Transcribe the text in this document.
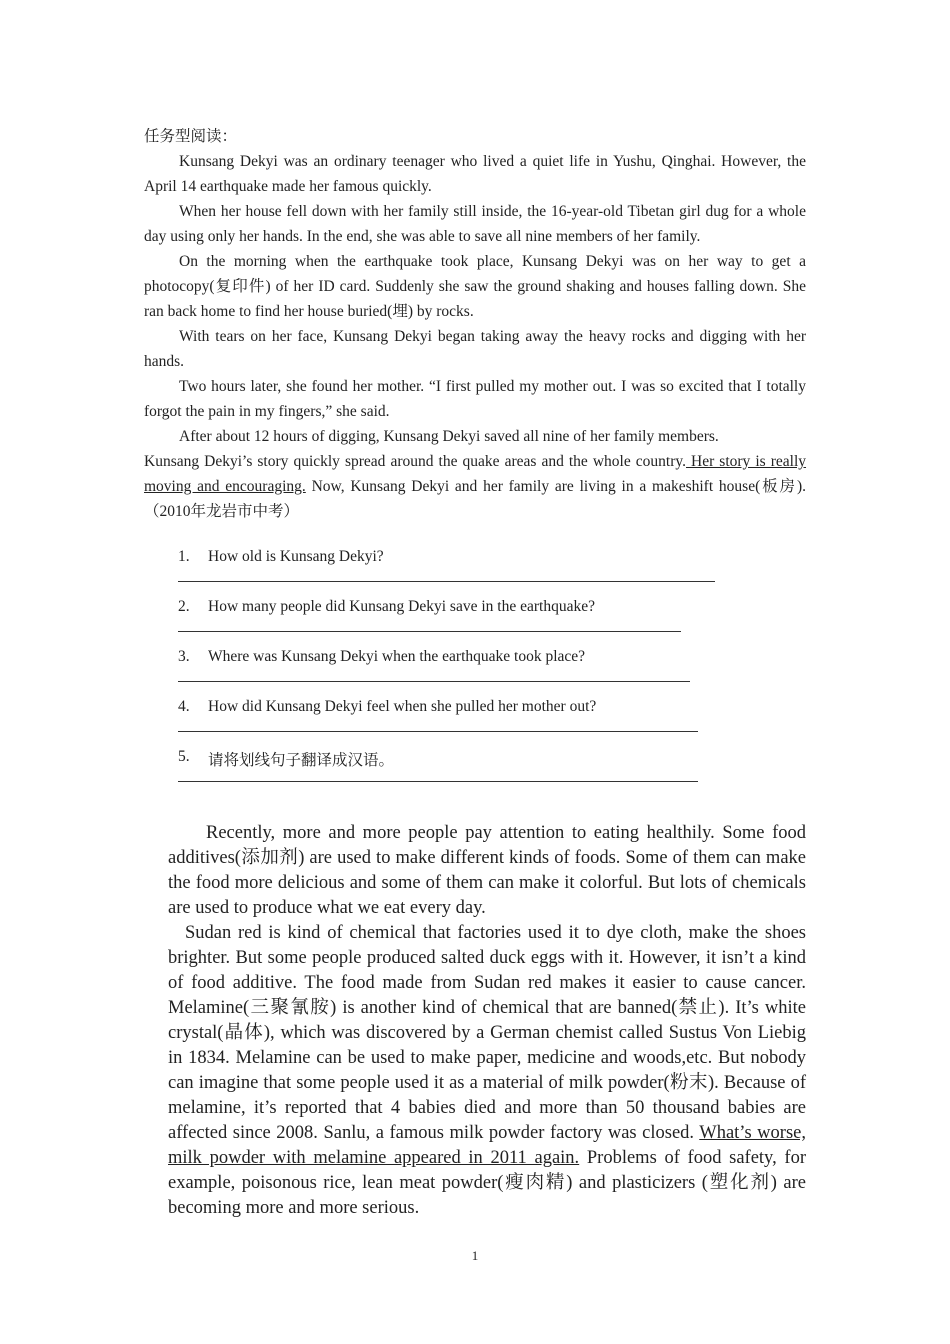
任务型阅读：

Kunsang Dekyi was an ordinary teenager who lived a quiet life in Yushu, Qinghai. However, the April 14 earthquake made her famous quickly.

When her house fell down with her family still inside, the 16-year-old Tibetan girl dug for a whole day using only her hands. In the end, she was able to save all nine members of her family.

On the morning when the earthquake took place, Kunsang Dekyi was on her way to get a photocopy(复印件) of her ID card. Suddenly she saw the ground shaking and houses falling down. She ran back home to find her house buried(埋) by rocks.

With tears on her face, Kunsang Dekyi began taking away the heavy rocks and digging with her hands.

Two hours later, she found her mother. “I first pulled my mother out. I was so excited that I totally forgot the pain in my fingers,” she said.

After about 12 hours of digging, Kunsang Dekyi saved all nine of her family members.

Kunsang Dekyi’s story quickly spread around the quake areas and the whole country. Her story is really moving and encouraging. Now, Kunsang Dekyi and her family are living in a makeshift house(板房).（2010年龙岩市中考）

1. How old is Kunsang Dekyi?
2. How many people did Kunsang Dekyi save in the earthquake?
3. Where was Kunsang Dekyi when the earthquake took place?
4. How did Kunsang Dekyi feel when she pulled her mother out?
5. 请将划线句子翻译成汉语。

Recently, more and more people pay attention to eating healthily. Some food additives(添加剂) are used to make different kinds of foods. Some of them can make the food more delicious and some of them can make it colorful. But lots of chemicals are used to produce what we eat every day.

Sudan red is kind of chemical that factories used it to dye cloth, make the shoes brighter. But some people produced salted duck eggs with it. However, it isn’t a kind of food additive. The food made from Sudan red makes it easier to cause cancer. Melamine(三聚氰胺) is another kind of chemical that are banned(禁止). It’s white crystal(晶体), which was discovered by a German chemist called Sustus Von Liebig in 1834. Melamine can be used to make paper, medicine and woods,etc. But nobody can imagine that some people used it as a material of milk powder(粉末). Because of melamine, it’s reported that 4 babies died and more than 50 thousand babies are affected since 2008. Sanlu, a famous milk powder factory was closed. What’s worse, milk powder with melamine appeared in 2011 again. Problems of food safety, for example, poisonous rice, lean meat powder(瘦肉精) and plasticizers (塑化剂) are becoming more and more serious.

1
